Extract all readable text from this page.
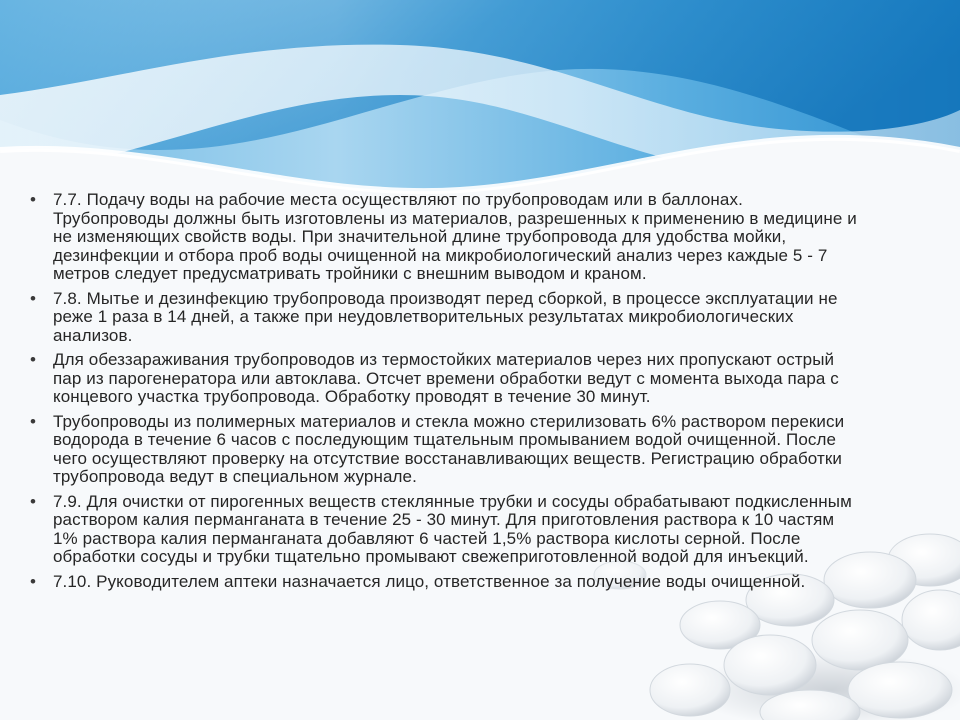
• 7.7. Подачу воды на рабочие места осуществляют по трубопроводам или в баллонах. Трубопроводы должны быть изготовлены из материалов, разрешенных к применению в медицине и не изменяющих свойств воды. При значительной длине трубопровода для удобства мойки, дезинфекции и отбора проб воды очищенной на микробиологический анализ через каждые 5 - 7 метров следует предусматривать тройники с внешним выводом и краном.
• 7.8. Мытье и дезинфекцию трубопровода производят перед сборкой, в процессе эксплуатации не реже 1 раза в 14 дней, а также при неудовлетворительных результатах микробиологических анализов.
• Для обеззараживания трубопроводов из термостойких материалов через них пропускают острый пар из парогенератора или автоклава. Отсчет времени обработки ведут с момента выхода пара с концевого участка трубопровода. Обработку проводят в течение 30 минут.
• Трубопроводы из полимерных материалов и стекла можно стерилизовать 6% раствором перекиси водорода в течение 6 часов с последующим тщательным промыванием водой очищенной. После чего осуществляют проверку на отсутствие восстанавливающих веществ. Регистрацию обработки трубопровода ведут в специальном журнале.
• 7.9. Для очистки от пирогенных веществ стеклянные трубки и сосуды обрабатывают подкисленным раствором калия перманганата в течение 25 - 30 минут. Для приготовления раствора к 10 частям 1% раствора калия перманганата добавляют 6 частей 1,5% раствора кислоты серной. После обработки сосуды и трубки тщательно промывают свежеприготовленной водой для инъекций.
• 7.10. Руководителем аптеки назначается лицо, ответственное за получение воды очищенной.
